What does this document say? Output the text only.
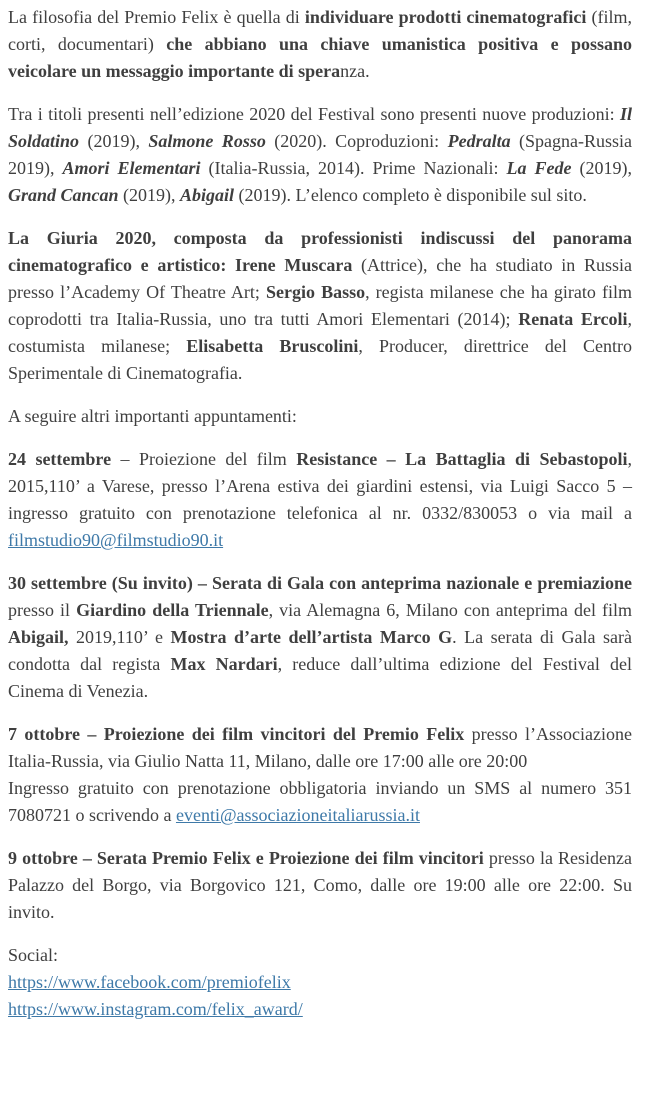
La filosofia del Premio Felix è quella di individuare prodotti cinematografici (film, corti, documentari) che abbiano una chiave umanistica positiva e possano veicolare un messaggio importante di speranza.

Tra i titoli presenti nell’edizione 2020 del Festival sono presenti nuove produzioni: Il Soldatino (2019), Salmone Rosso (2020). Coproduzioni: Pedralta (Spagna-Russia 2019), Amori Elementari (Italia-Russia, 2014). Prime Nazionali: La Fede (2019), Grand Cancan (2019), Abigail (2019). L’elenco completo è disponibile sul sito.

La Giuria 2020, composta da professionisti indiscussi del panorama cinematografico e artistico: Irene Muscara (Attrice), che ha studiato in Russia presso l’Academy Of Theatre Art; Sergio Basso, regista milanese che ha girato film coprodotti tra Italia-Russia, uno tra tutti Amori Elementari (2014); Renata Ercoli, costumista milanese; Elisabetta Bruscolini, Producer, direttrice del Centro Sperimentale di Cinematografia.

A seguire altri importanti appuntamenti:

24 settembre – Proiezione del film Resistance – La Battaglia di Sebastopoli, 2015,110’ a Varese, presso l’Arena estiva dei giardini estensi, via Luigi Sacco 5 – ingresso gratuito con prenotazione telefonica al nr. 0332/830053 o via mail a filmstudio90@filmstudio90.it

30 settembre (Su invito) – Serata di Gala con anteprima nazionale e premiazione presso il Giardino della Triennale, via Alemagna 6, Milano con anteprima del film Abigail, 2019,110’ e Mostra d’arte dell’artista Marco G. La serata di Gala sarà condotta dal regista Max Nardari, reduce dall’ultima edizione del Festival del Cinema di Venezia.

7 ottobre – Proiezione dei film vincitori del Premio Felix presso l’Associazione Italia-Russia, via Giulio Natta 11, Milano, dalle ore 17:00 alle ore 20:00
Ingresso gratuito con prenotazione obbligatoria inviando un SMS al numero 351 7080721 o scrivendo a eventi@associazioneitaliarussia.it

9 ottobre – Serata Premio Felix e Proiezione dei film vincitori presso la Residenza Palazzo del Borgo, via Borgovico 121, Como, dalle ore 19:00 alle ore 22:00. Su invito.

Social:
https://www.facebook.com/premiofelix
https://www.instagram.com/felix_award/
